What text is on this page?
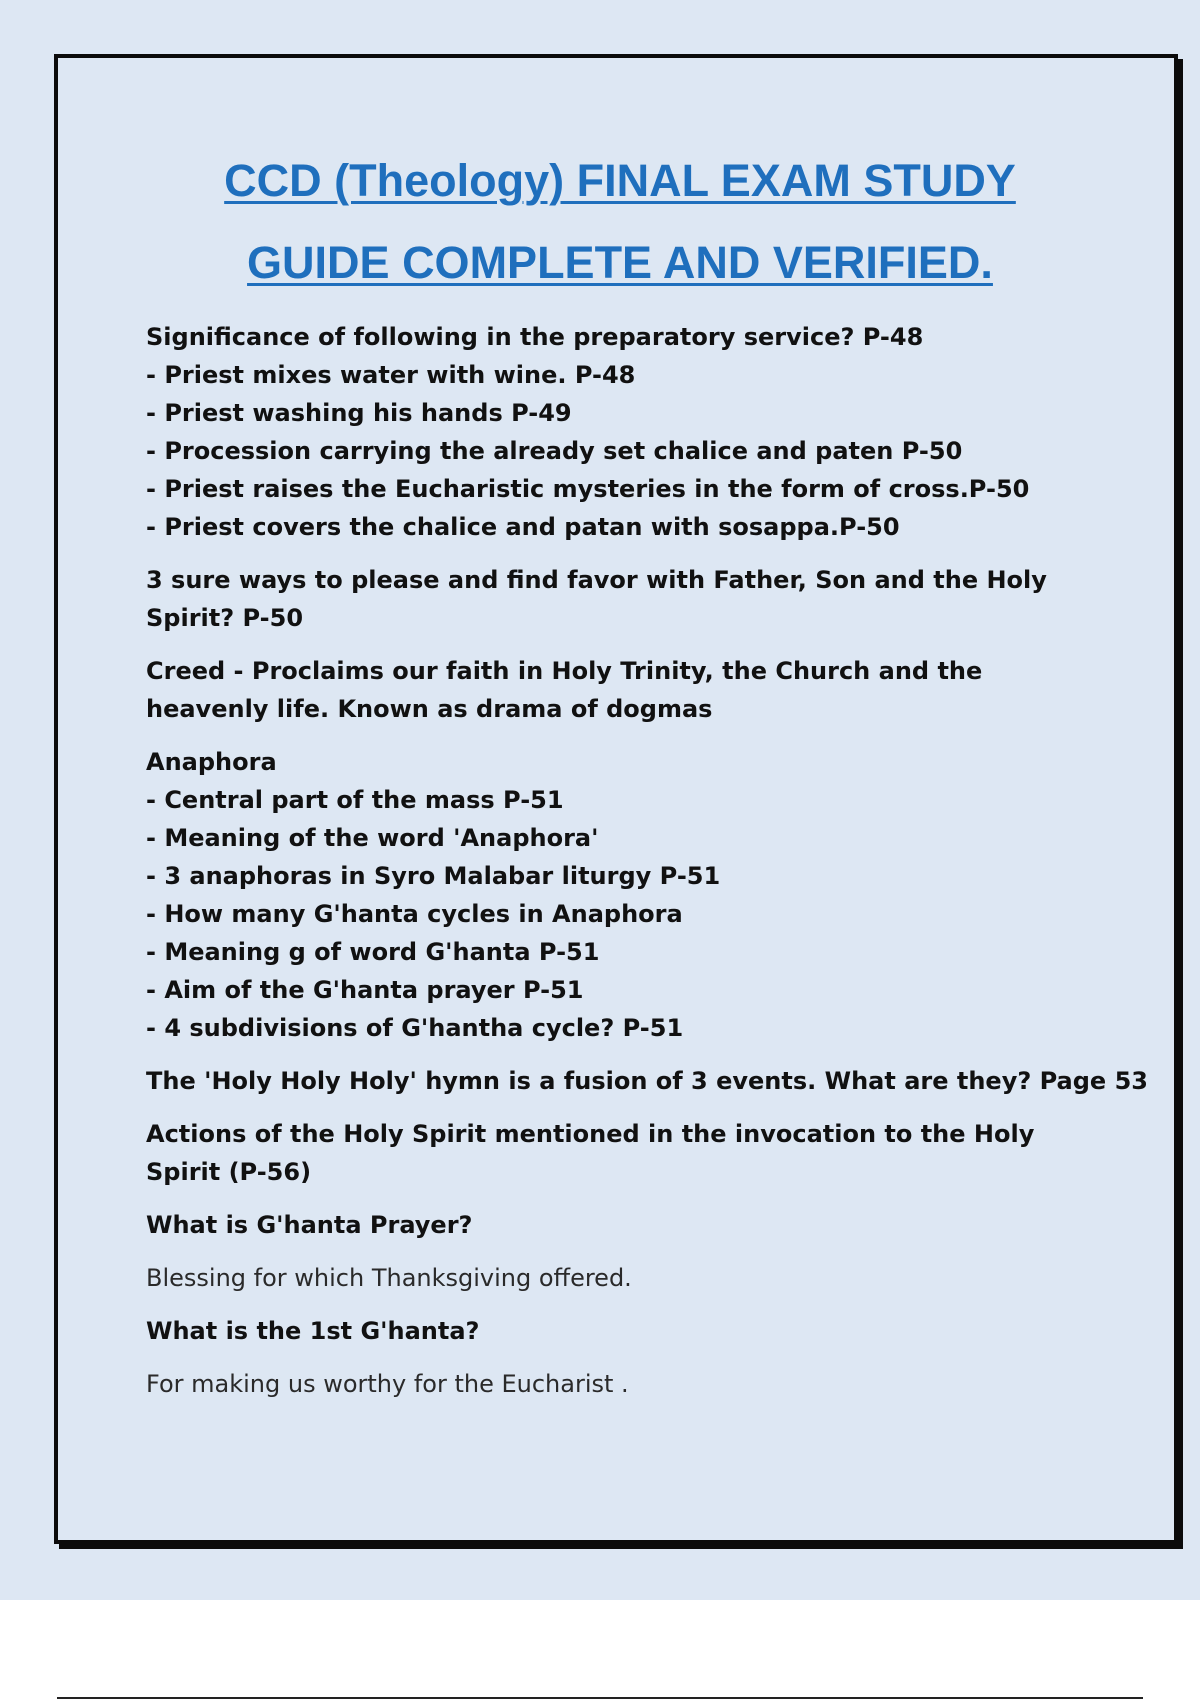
CCD (Theology) FINAL EXAM STUDY
GUIDE COMPLETE AND VERIFIED.

Significance of following in the preparatory service? P-48

- Priest mixes water with wine. P-48

- Priest washing his hands P-49

- Procession carrying the already set chalice and paten P-50

- Priest raises the Eucharistic mysteries in the form of cross.P-50

- Priest covers the chalice and patan with sosappa.P-50

3 sure ways to please and find favor with Father, Son and the Holy Spirit? P-50

Creed - Proclaims our faith in Holy Trinity, the Church and the heavenly life. Known as drama of dogmas

Anaphora

- Central part of the mass P-51

- Meaning of the word 'Anaphora'

- 3 anaphoras in Syro Malabar liturgy P-51

- How many G'hanta cycles in Anaphora

- Meaning g of word G'hanta P-51

- Aim of the G'hanta prayer P-51

- 4 subdivisions of G'hantha cycle? P-51

The 'Holy Holy Holy' hymn is a fusion of 3 events. What are they? Page 53

Actions of the Holy Spirit mentioned in the invocation to the Holy Spirit (P-56)

What is G'hanta Prayer?

Blessing for which Thanksgiving offered.

What is the 1st G'hanta?

For making us worthy for the Eucharist .
